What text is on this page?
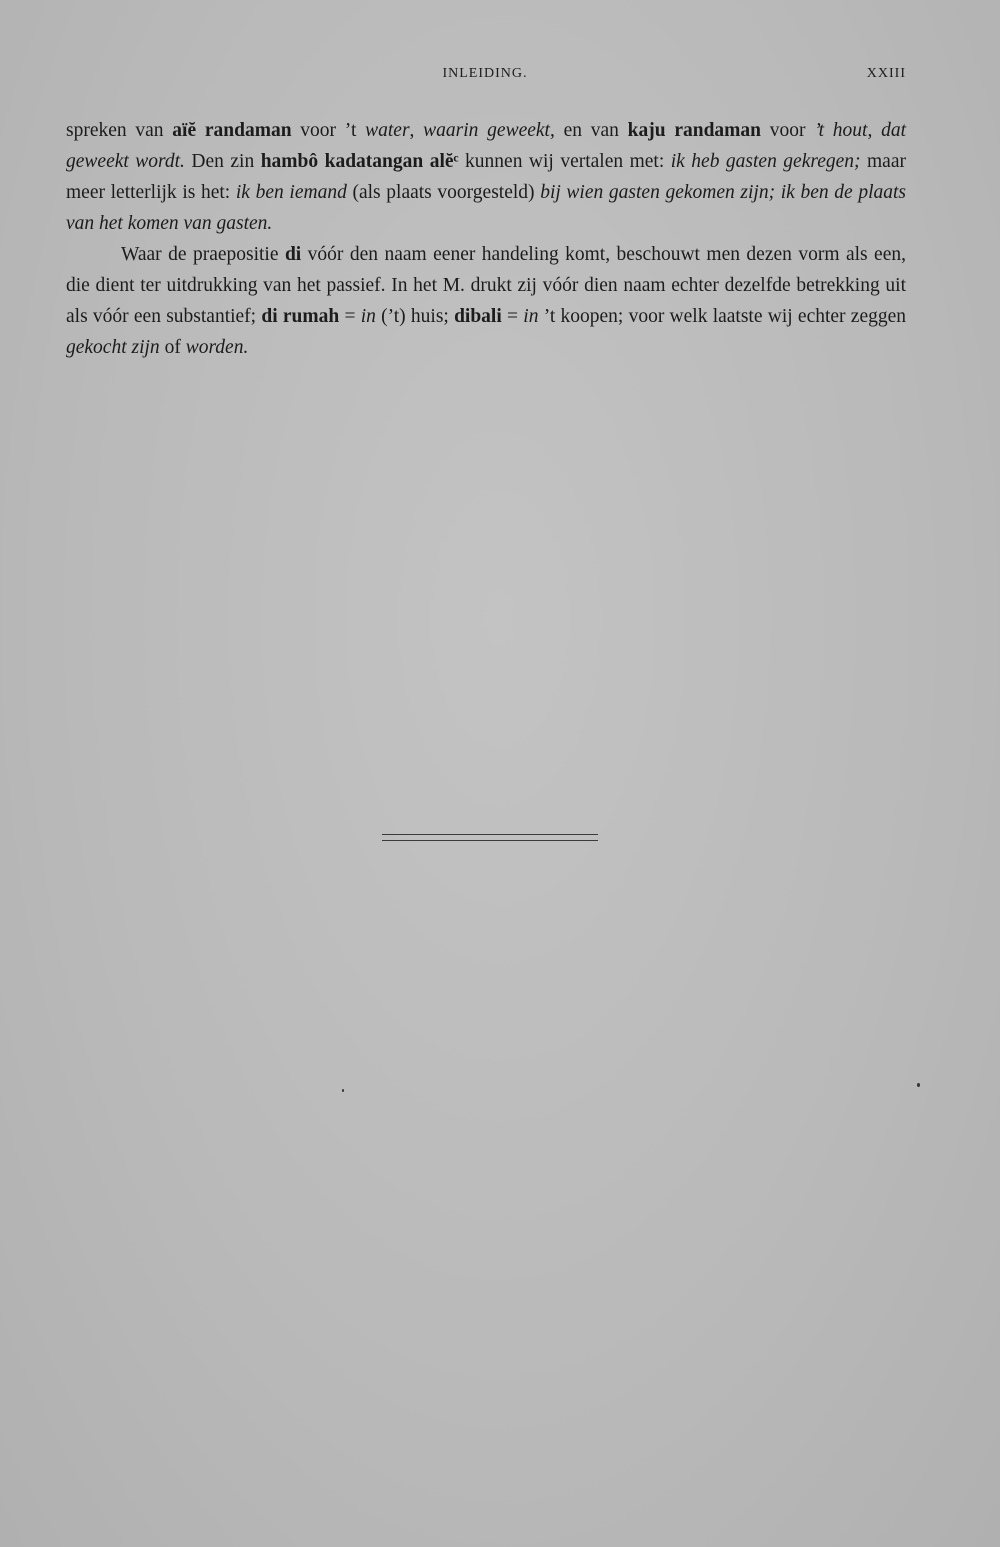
INLEIDING.	XXIII

spreken van aïĕ randaman voor ’t water, waarin geweekt, en van kaju randaman voor ’t hout, dat geweekt wordt. Den zin hambô kadatangan alĕᶜ kunnen wij vertalen met: ik heb gasten gekregen; maar meer letterlijk is het: ik ben iemand (als plaats voorgesteld) bij wien gasten gekomen zijn; ik ben de plaats van het komen van gasten.

Waar de praepositie di vóór den naam eener handeling komt, beschouwt men dezen vorm als een, die dient ter uitdrukking van het passief. In het M. drukt zij vóór dien naam echter dezelfde betrekking uit als vóór een substantief; di rumah = in (’t) huis; dibali = in ’t koopen; voor welk laatste wij echter zeggen gekocht zijn of worden.
